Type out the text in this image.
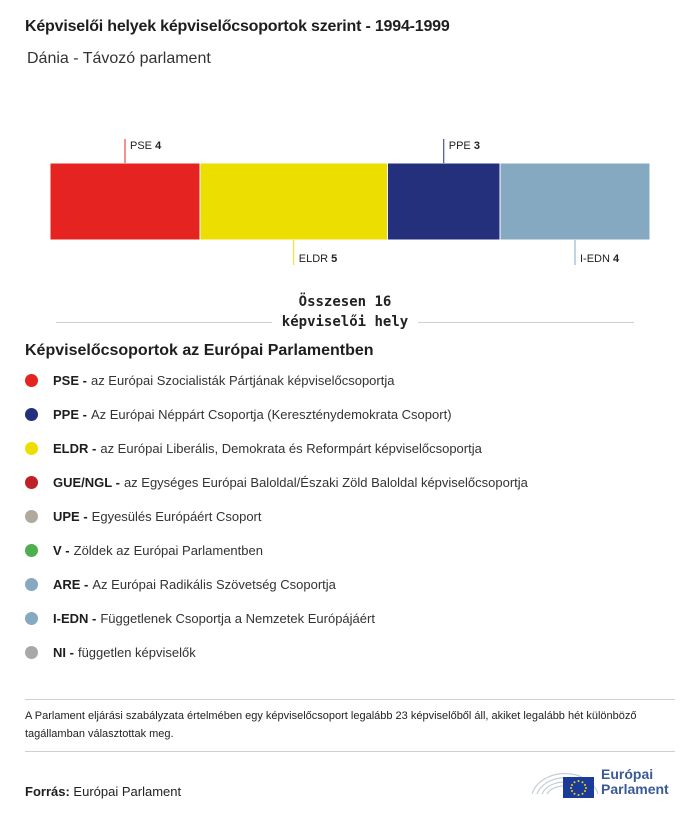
Képviselői helyek képviselőcsoportok szerint - 1994-1999
Dánia - Távozó parlament
PSE 4
ELDR 5
PPE 3
I-EDN 4
Összesen 16 képviselői hely
Képviselőcsoportok az Európai Parlamentben
PSE - az Európai Szocialisták Pártjának képviselőcsoportja
PPE - Az Európai Néppárt Csoportja (Kereszténydemokrata Csoport)
ELDR - az Európai Liberális, Demokrata és Reformpárt képviselőcsoportja
GUE/NGL - az Egységes Európai Baloldal/Északi Zöld Baloldal képviselőcsoportja
UPE - Egyesülés Európáért Csoport
V - Zöldek az Európai Parlamentben
ARE - Az Európai Radikális Szövetség Csoportja
I-EDN - Függetlenek Csoportja a Nemzetek Európájáért
NI - független képviselők
A Parlament eljárási szabályzata értelmében egy képviselőcsoport legalább 23 képviselőből áll, akiket legalább hét különböző tagállamban választottak meg.
Forrás: Európai Parlament
Európai
Parlament
